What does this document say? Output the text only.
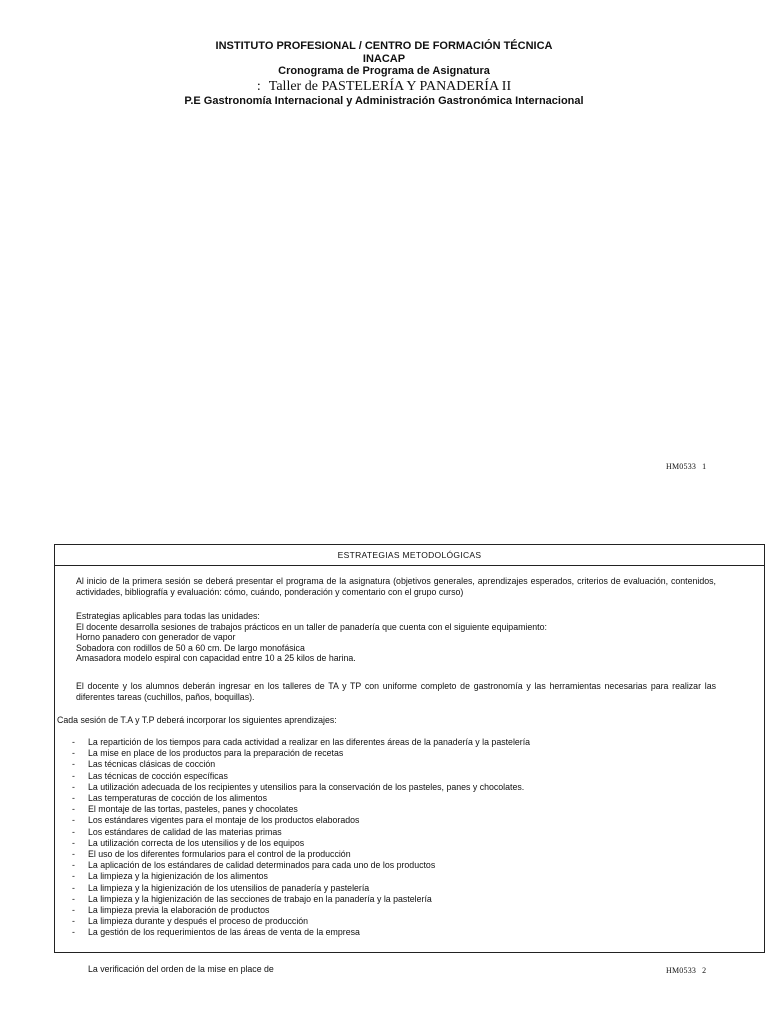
INSTITUTO PROFESIONAL / CENTRO DE FORMACIÓN TÉCNICA
INACAP
Cronograma de Programa de Asignatura
: Taller de PASTELERÍA Y PANADERÍA II
P.E Gastronomía Internacional y Administración Gastronómica Internacional
HM0533 1
ESTRATEGIAS METODOLÓGICAS
Al inicio de la primera sesión se deberá presentar el programa de la asignatura (objetivos generales, aprendizajes esperados, criterios de evaluación, contenidos, actividades, bibliografía y evaluación: cómo, cuándo, ponderación y comentario con el grupo curso)
Estrategias aplicables para todas las unidades:
El docente desarrolla sesiones de trabajos prácticos en un taller de panadería que cuenta con el siguiente equipamiento:
Horno panadero con generador de vapor
Sobadora con rodillos de 50 a 60 cm. De largo monofásica
Amasadora modelo espiral con capacidad entre 10 a 25 kilos de harina.
El docente y los alumnos deberán ingresar en los talleres de TA y TP con uniforme completo de gastronomía y las herramientas necesarias para realizar las diferentes tareas (cuchillos, paños, boquillas).
Cada sesión de T.A y T.P deberá incorporar los siguientes aprendizajes:
- La repartición de los tiempos para cada actividad a realizar en las diferentes áreas de la panadería y la pastelería
- La mise en place de los productos para la preparación de recetas
- Las técnicas clásicas de cocción
- Las técnicas de cocción específicas
- La utilización adecuada de los recipientes y utensilios para la conservación de los pasteles, panes y chocolates.
- Las temperaturas de cocción de los alimentos
- El montaje de las tortas, pasteles, panes y chocolates
- Los estándares vigentes para el montaje de los productos elaborados
- Los estándares de calidad de las materias primas
- La utilización correcta de los utensilios y de los equipos
- El uso de los diferentes formularios para el control de la producción
- La aplicación de los estándares de calidad determinados para cada uno de los productos
- La limpieza y la higienización de los alimentos
- La limpieza y la higienización de los utensilios de panadería y pastelería
- La limpieza y la higienización de las secciones de trabajo en la panadería y la pastelería
- La limpieza previa la elaboración de productos
- La limpieza durante y después el proceso de producción
- La gestión de los requerimientos de las áreas de venta de la empresa
La verificación del orden de la mise en place de	HM0533 2
